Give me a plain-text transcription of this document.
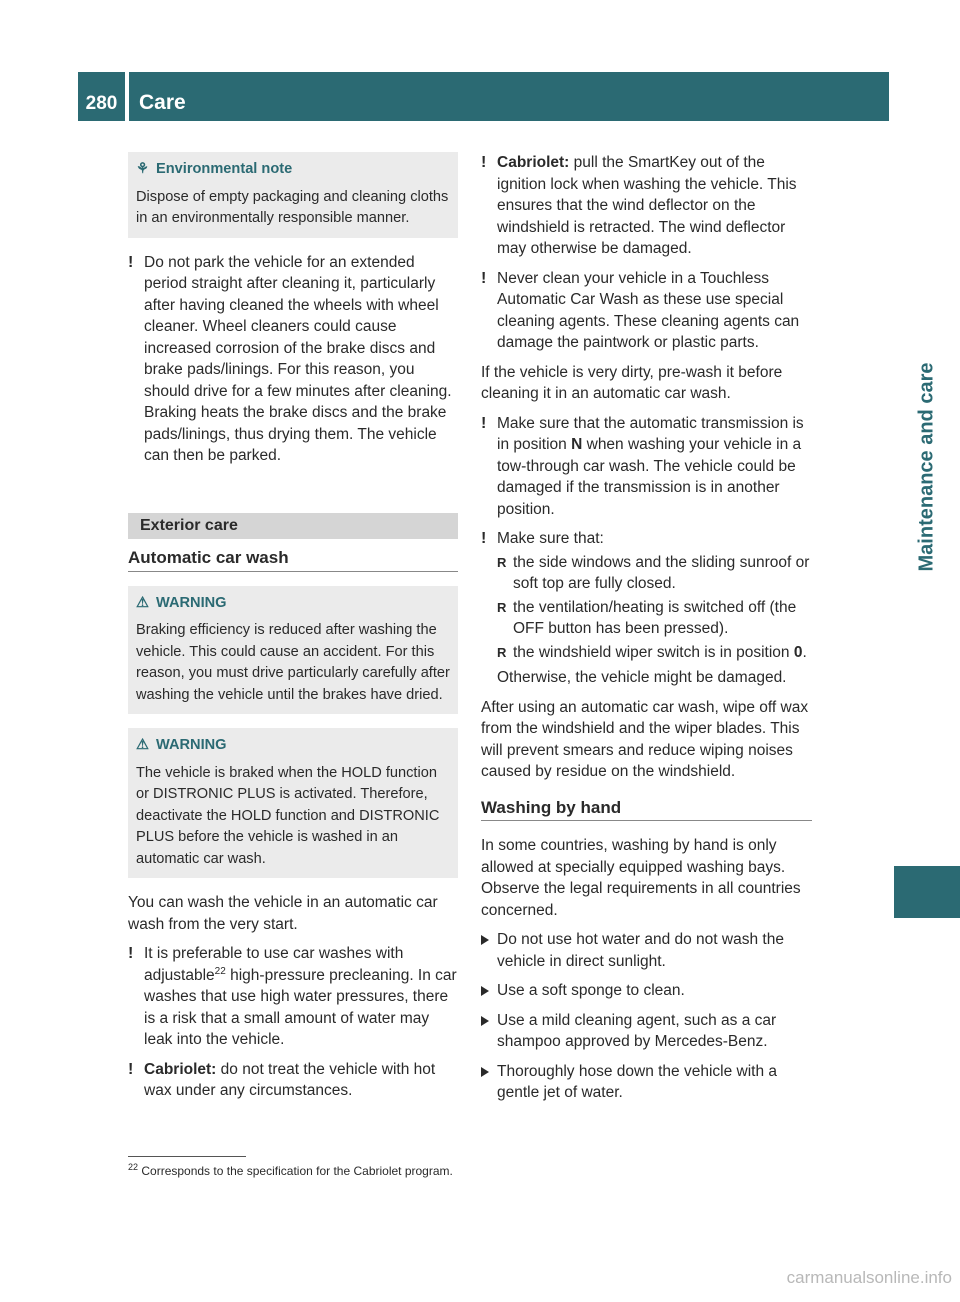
280	Care
Maintenance and care
⚘ Environmental note
Dispose of empty packaging and cleaning cloths in an environmentally responsible manner.
! Do not park the vehicle for an extended period straight after cleaning it, particularly after having cleaned the wheels with wheel cleaner. Wheel cleaners could cause increased corrosion of the brake discs and brake pads/linings. For this reason, you should drive for a few minutes after cleaning. Braking heats the brake discs and the brake pads/linings, thus drying them. The vehicle can then be parked.
Exterior care
Automatic car wash
⚠ WARNING
Braking efficiency is reduced after washing the vehicle. This could cause an accident. For this reason, you must drive particularly carefully after washing the vehicle until the brakes have dried.
⚠ WARNING
The vehicle is braked when the HOLD function or DISTRONIC PLUS is activated. Therefore, deactivate the HOLD function and DISTRONIC PLUS before the vehicle is washed in an automatic car wash.
You can wash the vehicle in an automatic car wash from the very start.
! It is preferable to use car washes with adjustable$^{22}$ high-pressure precleaning. In car washes that use high water pressures, there is a risk that a small amount of water may leak into the vehicle.
! Cabriolet: do not treat the vehicle with hot wax under any circumstances.
! Cabriolet: pull the SmartKey out of the ignition lock when washing the vehicle. This ensures that the wind deflector on the windshield is retracted. The wind deflector may otherwise be damaged.
! Never clean your vehicle in a Touchless Automatic Car Wash as these use special cleaning agents. These cleaning agents can damage the paintwork or plastic parts.
If the vehicle is very dirty, pre-wash it before cleaning it in an automatic car wash.
! Make sure that the automatic transmission is in position N when washing your vehicle in a tow-through car wash. The vehicle could be damaged if the transmission is in another position.
! Make sure that:
R the side windows and the sliding sunroof or soft top are fully closed.
R the ventilation/heating is switched off (the OFF button has been pressed).
R the windshield wiper switch is in position 0.
Otherwise, the vehicle might be damaged.
After using an automatic car wash, wipe off wax from the windshield and the wiper blades. This will prevent smears and reduce wiping noises caused by residue on the windshield.
Washing by hand
In some countries, washing by hand is only allowed at specially equipped washing bays. Observe the legal requirements in all countries concerned.
Do not use hot water and do not wash the vehicle in direct sunlight.
Use a soft sponge to clean.
Use a mild cleaning agent, such as a car shampoo approved by Mercedes-Benz.
Thoroughly hose down the vehicle with a gentle jet of water.
$^{22}$ Corresponds to the specification for the Cabriolet program.
carmanualsonline.info
